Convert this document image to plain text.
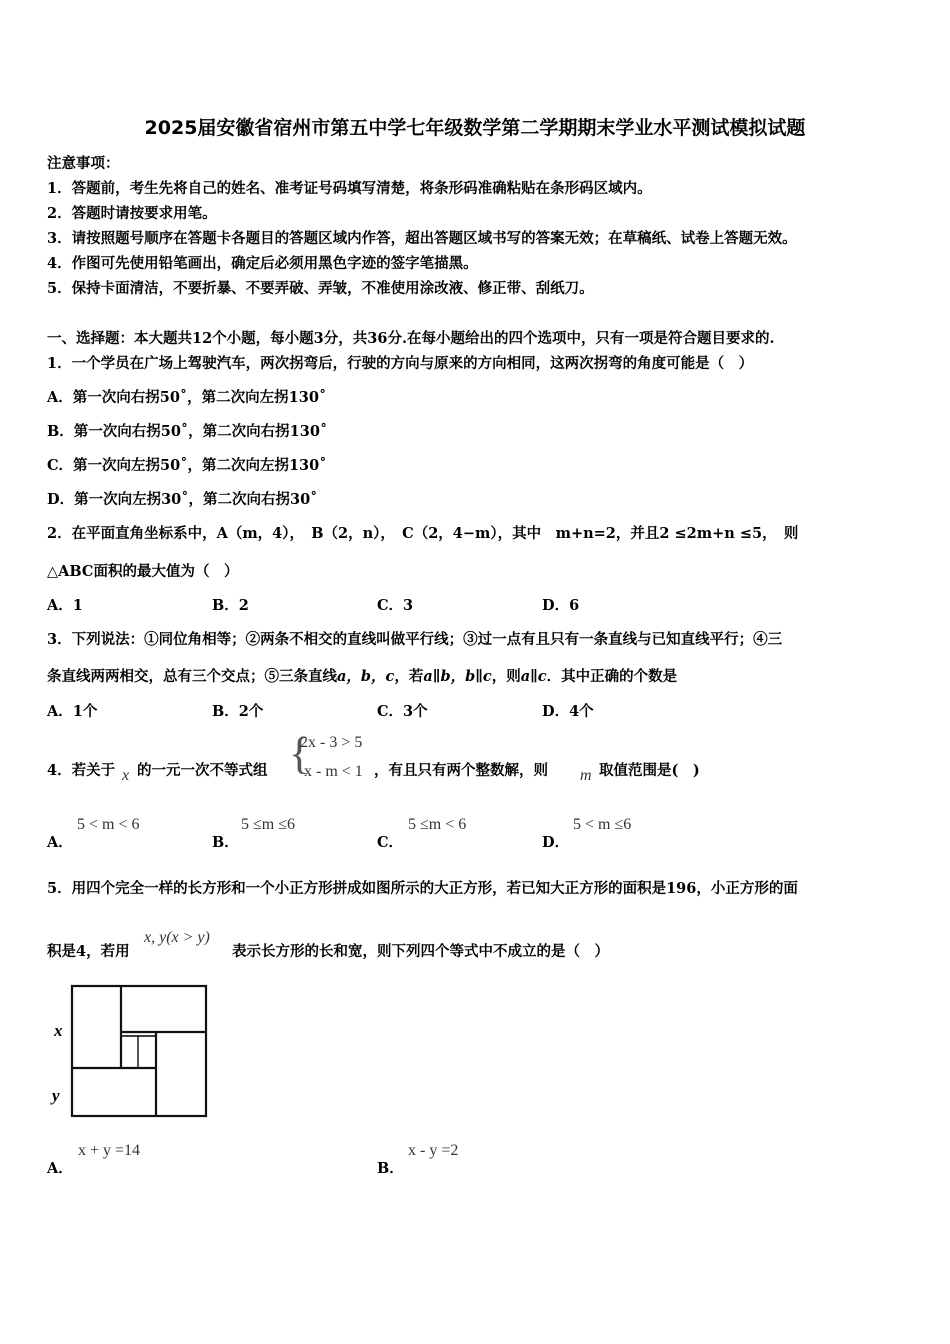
2025届安徽省宿州市第五中学七年级数学第二学期期末学业水平测试模拟试题
注意事项：
1．答题前，考生先将自己的姓名、准考证号码填写清楚，将条形码准确粘贴在条形码区域内。
2．答题时请按要求用笔。
3．请按照题号顺序在答题卡各题目的答题区域内作答，超出答题区域书写的答案无效；在草稿纸、试卷上答题无效。
4．作图可先使用铅笔画出，确定后必须用黑色字迹的签字笔描黑。
5．保持卡面清洁，不要折暴、不要弄破、弄皱，不准使用涂改液、修正带、刮纸刀。
一、选择题：本大题共12个小题，每小题3分，共36分.在每小题给出的四个选项中，只有一项是符合题目要求的.
1．一个学员在广场上驾驶汽车，两次拐弯后，行驶的方向与原来的方向相同，这两次拐弯的角度可能是（　）
A．第一次向右拐50˚，第二次向左拐130˚
B．第一次向右拐50˚，第二次向右拐130˚
C．第一次向左拐50˚，第二次向左拐130˚
D．第一次向左拐30˚，第二次向右拐30˚
2．在平面直角坐标系中，A（m，4），　B（2，n），　C（2，4−m），其中　m+n=2，并且2 ≤2m+n ≤5，　则
△ABC面积的最大值为（　）
A．1	B．2	C．3	D．6
3．下列说法：①同位角相等；②两条不相交的直线叫做平行线；③过一点有且只有一条直线与已知直线平行；④三
条直线两两相交，总有三个交点；⑤三条直线a，b，c，若a∥b，b∥c，则a∥c．其中正确的个数是
A．1个	B．2个	C．3个	D．4个
4．若关于 x 的一元一次不等式组 {
2x - 3 > 5
x - m < 1 ，有且只有两个整数解，则 m 取值范围是(　)
A．
5 < m < 6
B．
5 ≤m ≤6
C．
5 ≤m < 6
D．
5 < m ≤6
5．用四个完全一样的长方形和一个小正方形拼成如图所示的大正方形，若已知大正方形的面积是196，小正方形的面
积是4，若用
x, y(x > y)
表示长方形的长和宽，则下列四个等式中不成立的是（　）
x
y
A．
x + y =14
B．
x - y =2
